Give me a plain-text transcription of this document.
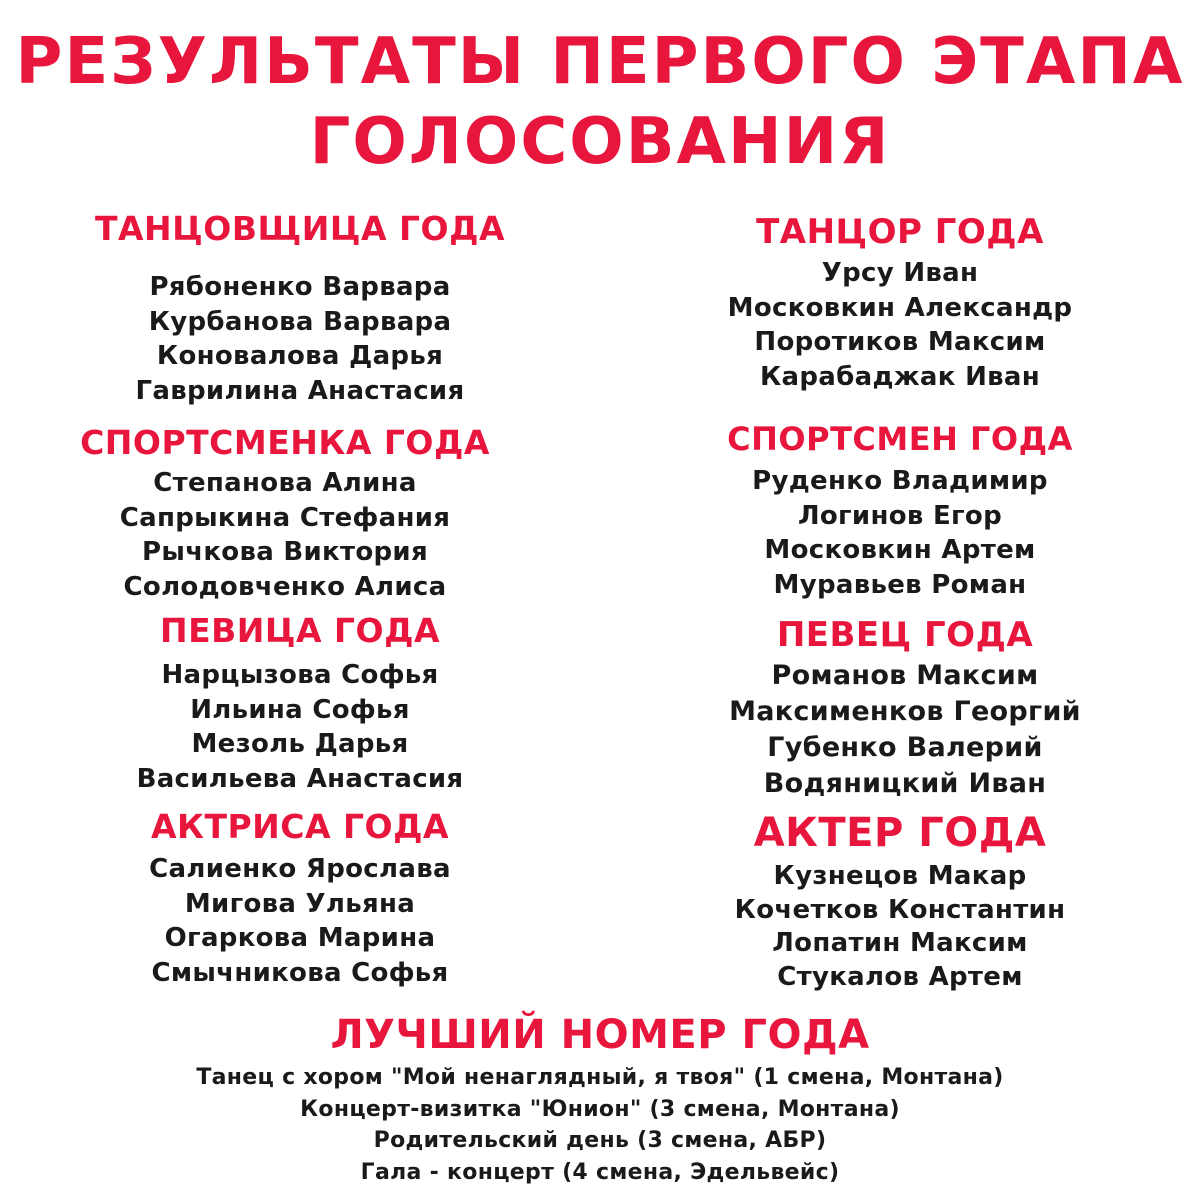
РЕЗУЛЬТАТЫ ПЕРВОГО ЭТАПА
ГОЛОСОВАНИЯ
ТАНЦОВЩИЦА ГОДА
Рябоненко Варвара
Курбанова Варвара
Коновалова Дарья
Гаврилина Анастасия
СПОРТСМЕНКА ГОДА
Степанова Алина
Сапрыкина Стефания
Рычкова Виктория
Солодовченко Алиса
ПЕВИЦА ГОДА
Нарцызова Софья
Ильина Софья
Мезоль Дарья
Васильева Анастасия
АКТРИСА ГОДА
Салиенко Ярослава
Мигова Ульяна
Огаркова Марина
Смычникова Софья
ТАНЦОР ГОДА
Урсу Иван
Московкин Александр
Поротиков Максим
Карабаджак Иван
СПОРТСМЕН ГОДА
Руденко Владимир
Логинов Егор
Московкин Артем
Муравьев Роман
ПЕВЕЦ ГОДА
Романов Максим
Максименков Георгий
Губенко Валерий
Водяницкий Иван
АКТЕР ГОДА
Кузнецов Макар
Кочетков Константин
Лопатин Максим
Стукалов Артем
ЛУЧШИЙ НОМЕР ГОДА
Танец с хором "Мой ненаглядный, я твоя" (1 смена, Монтана)
Концерт-визитка "Юнион" (3 смена, Монтана)
Родительский день (3 смена, АБР)
Гала - концерт (4 смена, Эдельвейс)
